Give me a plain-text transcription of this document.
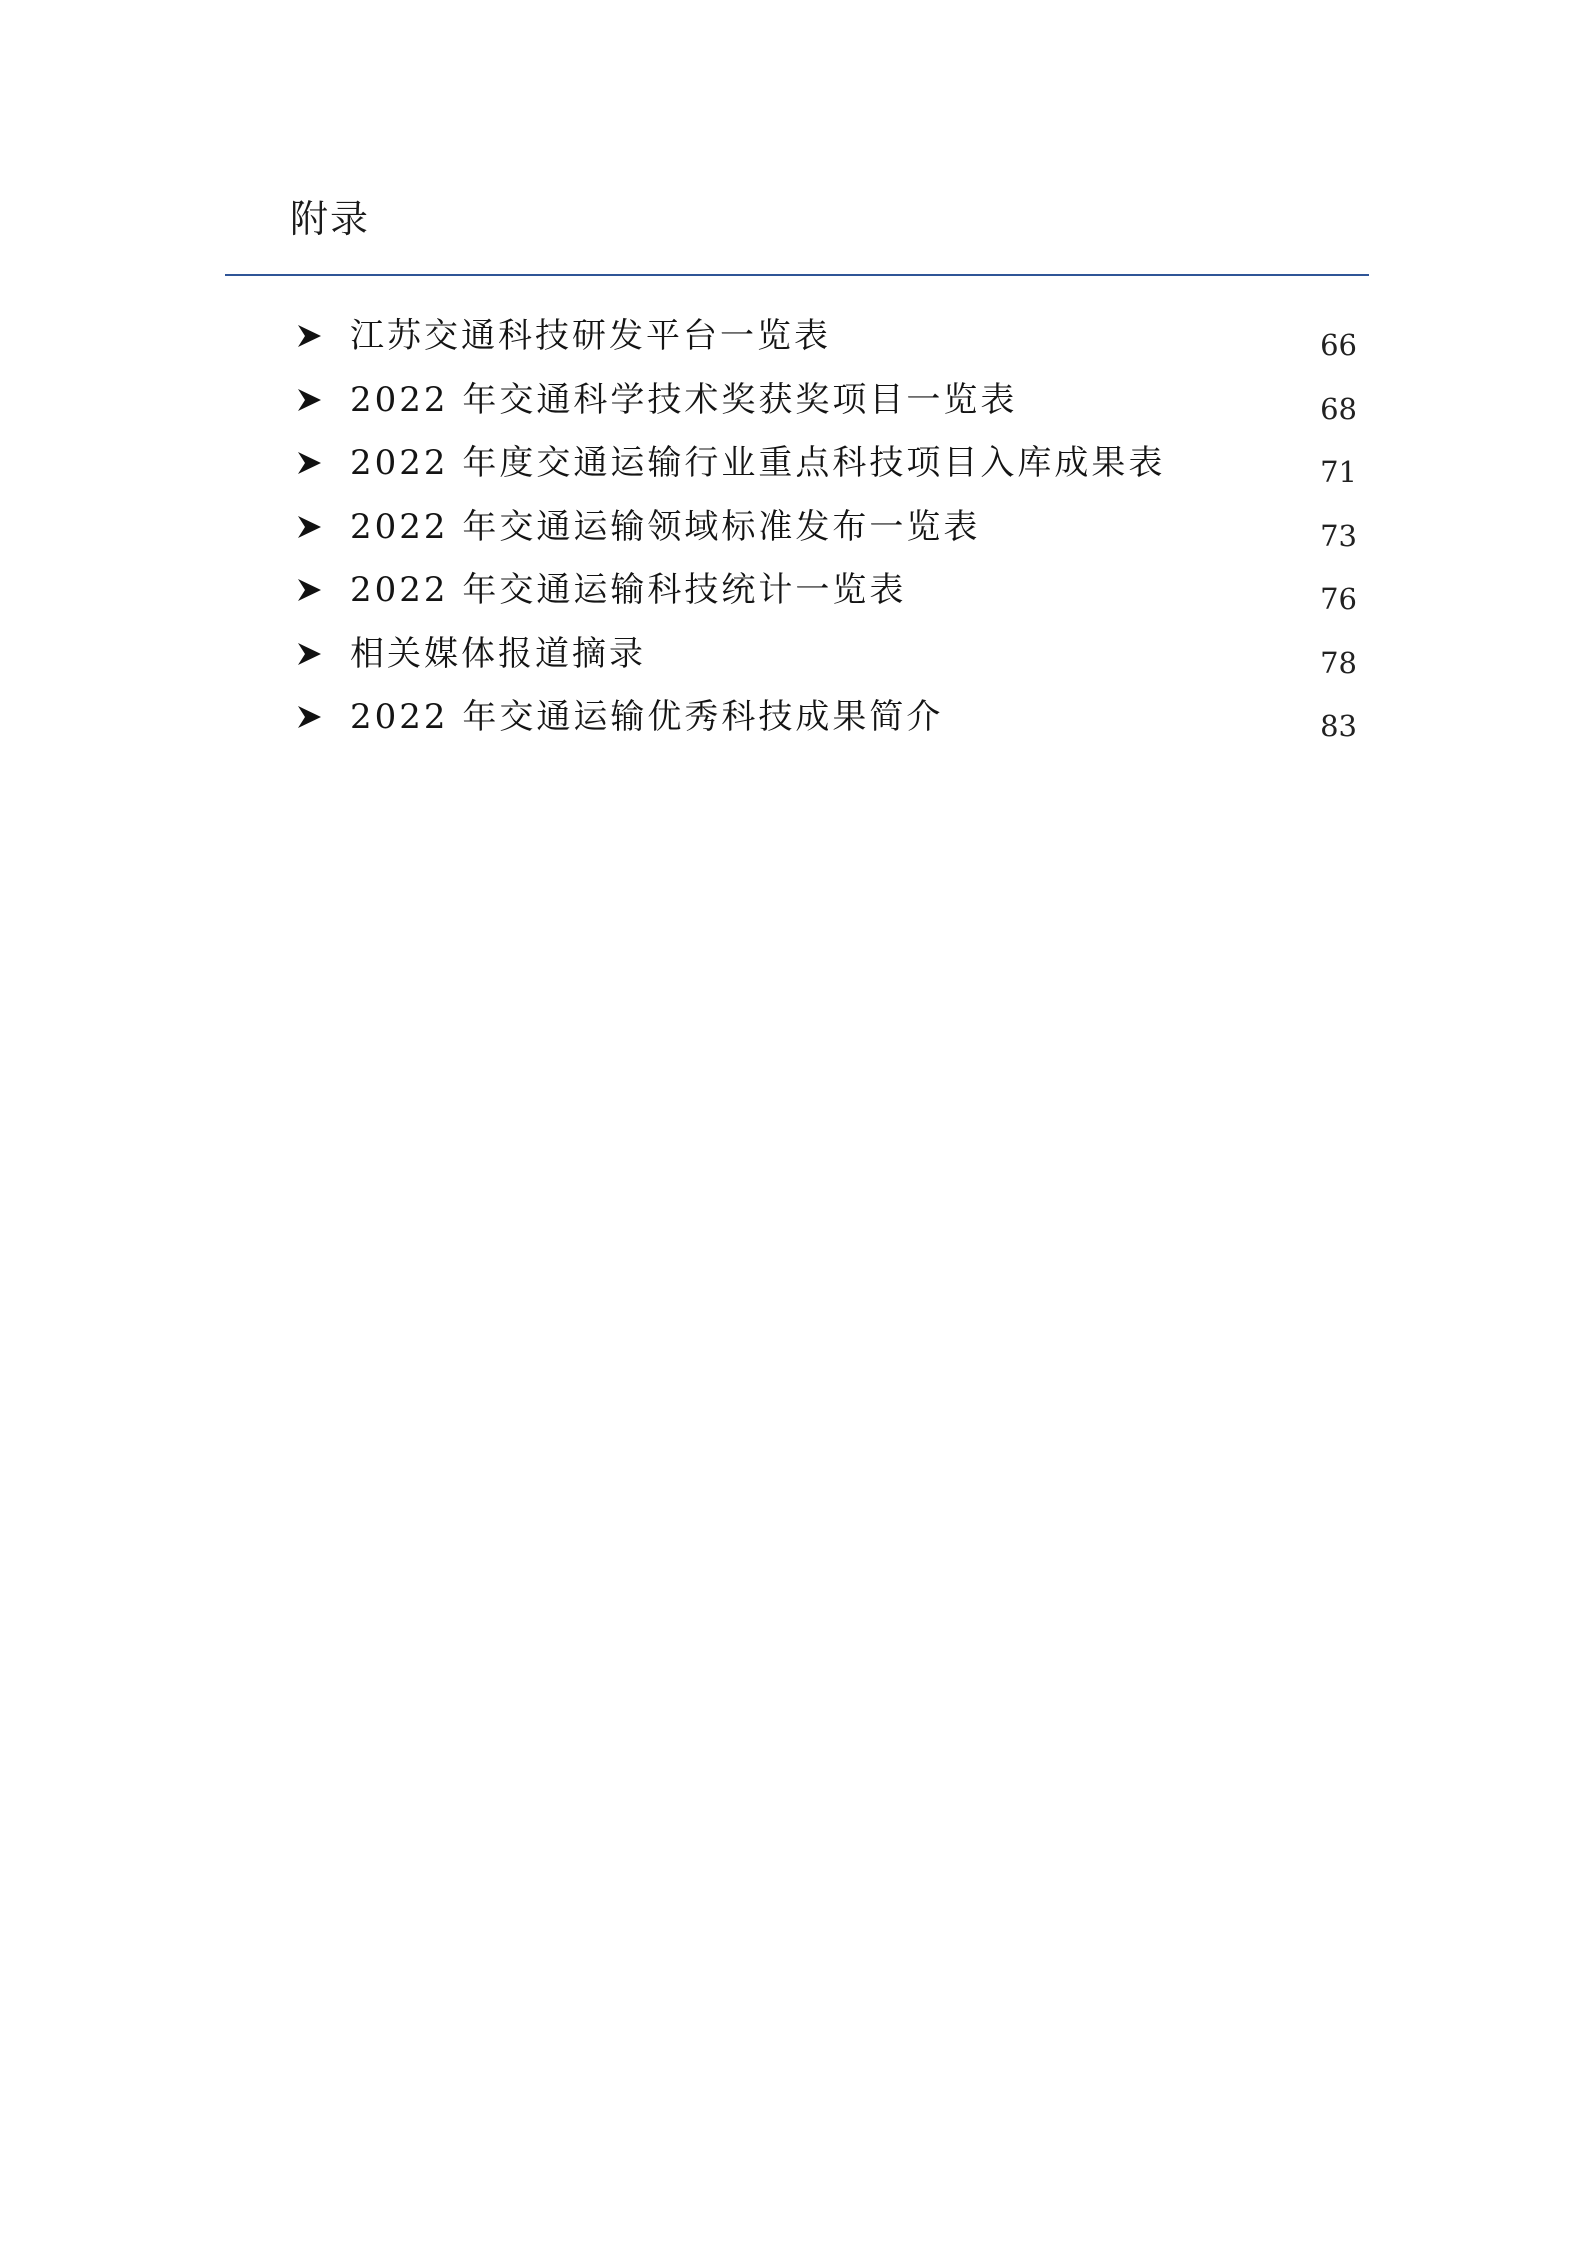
附录
江苏交通科技研发平台一览表	66
2022 年交通科学技术奖获奖项目一览表	68
2022 年度交通运输行业重点科技项目入库成果表	71
2022 年交通运输领域标准发布一览表	73
2022 年交通运输科技统计一览表	76
相关媒体报道摘录	78
2022 年交通运输优秀科技成果简介	83
